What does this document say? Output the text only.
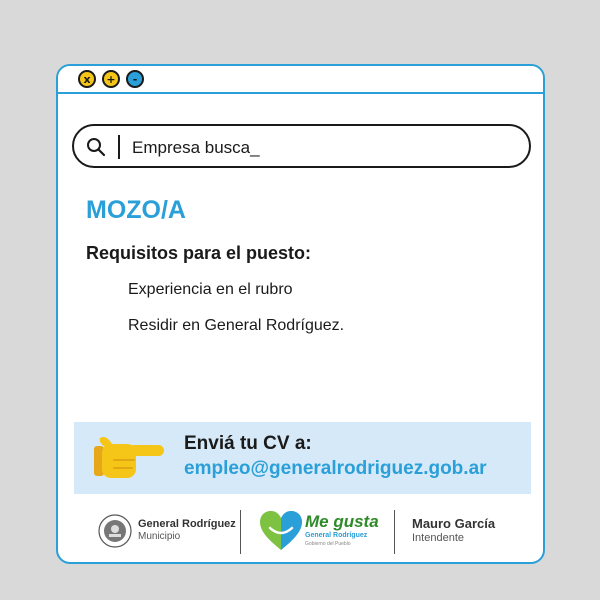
x	+	-
Empresa busca_
MOZO/A
Requisitos para el puesto:
Experiencia en el rubro
Residir en General Rodríguez.
Enviá tu CV a:
empleo@generalrodriguez.gob.ar
General Rodríguez
Municipio
Me gusta
General Rodríguez
Gobierno del Pueblo
Mauro García
Intendente
